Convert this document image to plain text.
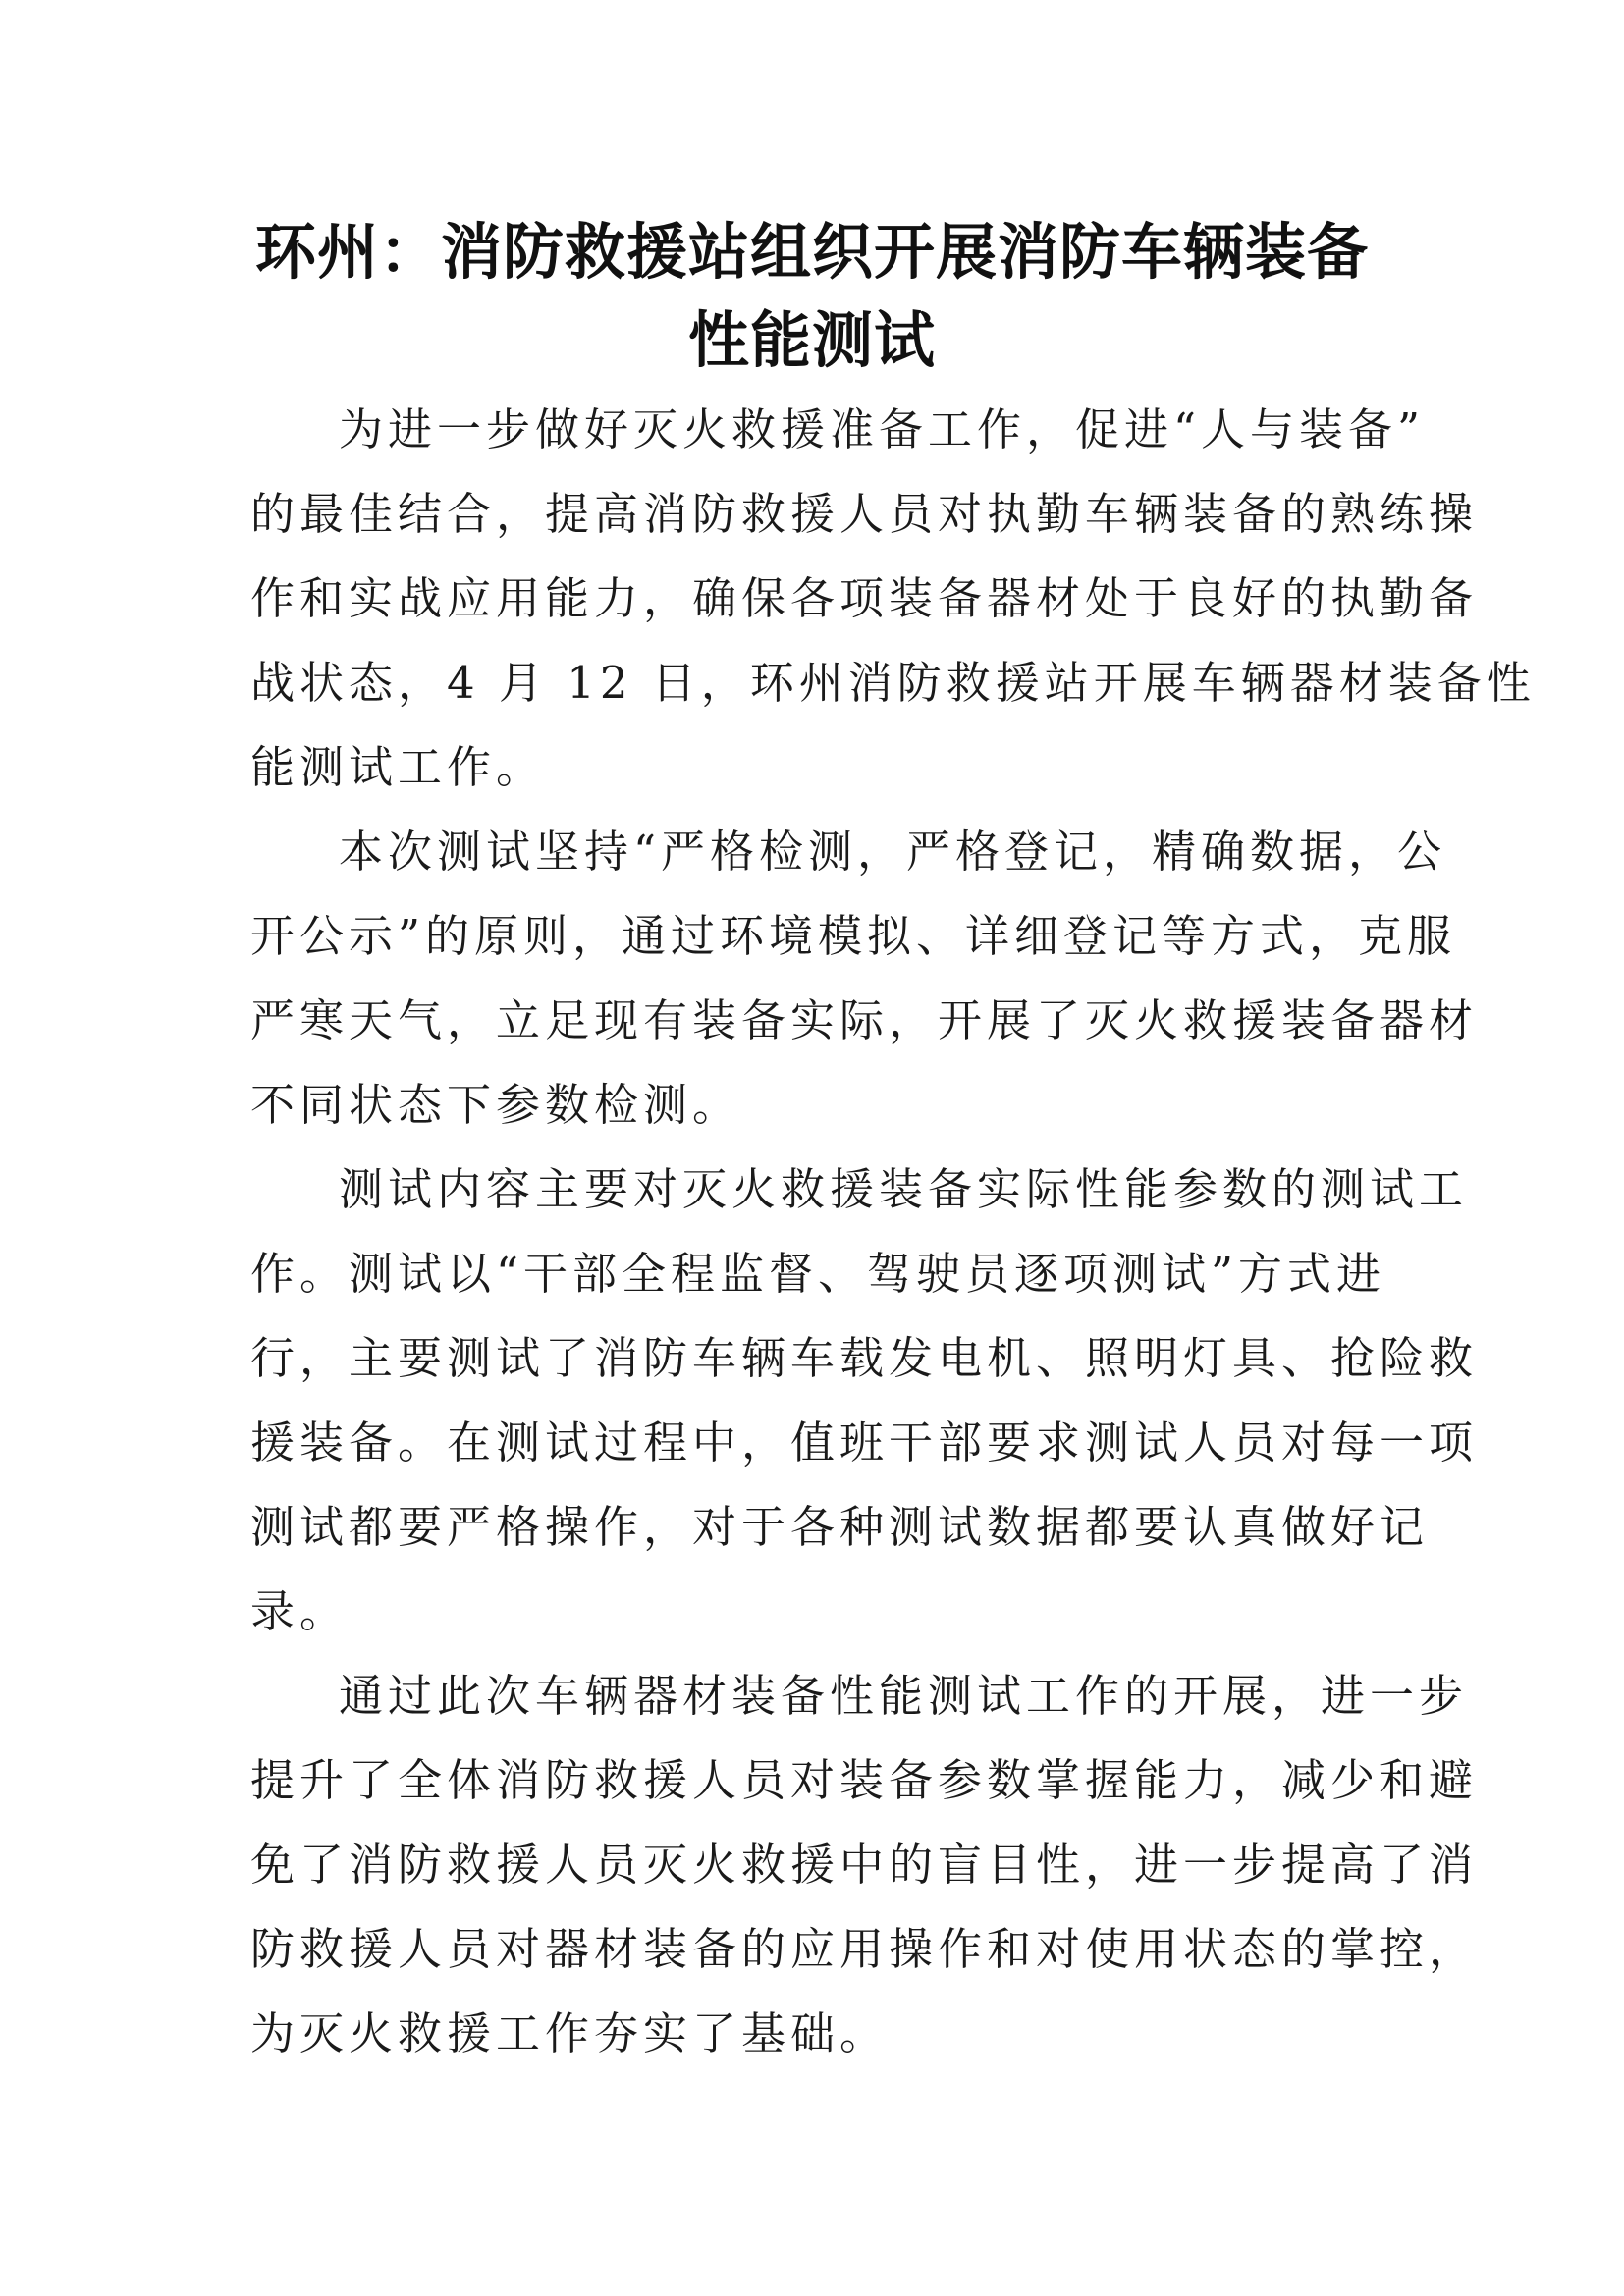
环州：消防救援站组织开展消防车辆装备
性能测试

为进一步做好灭火救援准备工作，促进“人与装备”
的最佳结合，提高消防救援人员对执勤车辆装备的熟练操
作和实战应用能力，确保各项装备器材处于良好的执勤备
战状态，4 月 12 日，环州消防救援站开展车辆器材装备性
能测试工作。

本次测试坚持“严格检测，严格登记，精确数据，公
开公示”的原则，通过环境模拟、详细登记等方式，克服
严寒天气，立足现有装备实际，开展了灭火救援装备器材
不同状态下参数检测。

测试内容主要对灭火救援装备实际性能参数的测试工
作。测试以“干部全程监督、驾驶员逐项测试”方式进
行，主要测试了消防车辆车载发电机、照明灯具、抢险救
援装备。在测试过程中，值班干部要求测试人员对每一项
测试都要严格操作，对于各种测试数据都要认真做好记
录。

通过此次车辆器材装备性能测试工作的开展，进一步
提升了全体消防救援人员对装备参数掌握能力，减少和避
免了消防救援人员灭火救援中的盲目性，进一步提高了消
防救援人员对器材装备的应用操作和对使用状态的掌控，
为灭火救援工作夯实了基础。
